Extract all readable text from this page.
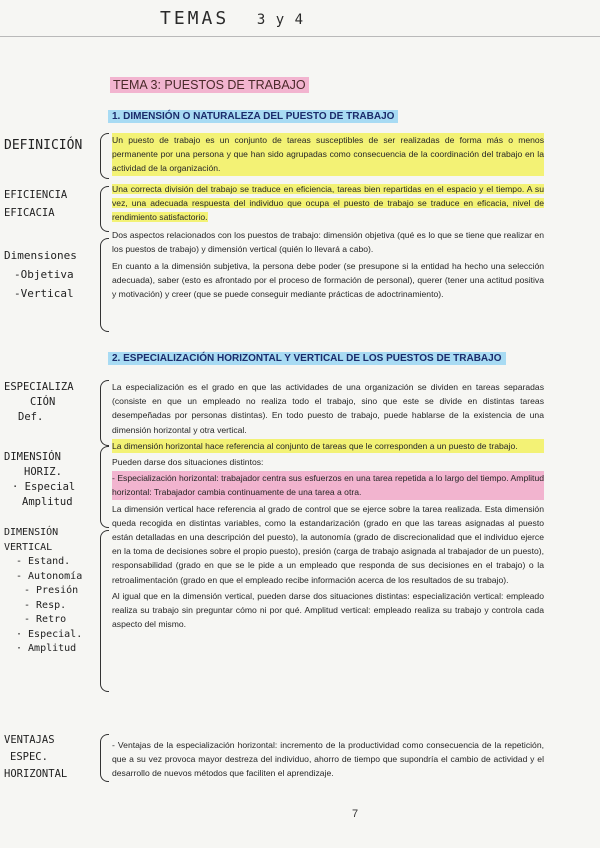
TEMAS 3 y 4
TEMA 3: PUESTOS DE TRABAJO
1. DIMENSIÓN O NATURALEZA DEL PUESTO DE TRABAJO

Un puesto de trabajo es un conjunto de tareas susceptibles de ser realizadas de forma más o menos permanente por una persona y que han sido agrupadas como consecuencia de la coordinación del trabajo en la actividad de la organización.

Una correcta división del trabajo se traduce en eficiencia, tareas bien repartidas en el espacio y el tiempo. A su vez, una adecuada respuesta del individuo que ocupa el puesto de trabajo se traduce en eficacia, nivel de rendimiento satisfactorio.

Dos aspectos relacionados con los puestos de trabajo: dimensión objetiva (qué es lo que se tiene que realizar en los puestos de trabajo) y dimensión vertical (quién lo llevará a cabo).

En cuanto a la dimensión subjetiva, la persona debe poder (se presupone si la entidad ha hecho una selección adecuada), saber (esto es afrontado por el proceso de formación de personal), querer (tener una actitud positiva y motivación) y creer (que se puede conseguir mediante prácticas de adoctrinamiento).

2. ESPECIALIZACIÓN HORIZONTAL Y VERTICAL DE LOS PUESTOS DE TRABAJO

La especialización es el grado en que las actividades de una organización se dividen en tareas separadas (consiste en que un empleado no realiza todo el trabajo, sino que este se divide en distintas tareas desempeñadas por personas distintas). En todo puesto de trabajo, puede hablarse de la existencia de una dimensión horizontal y otra vertical.

La dimensión horizontal hace referencia al conjunto de tareas que le corresponden a un puesto de trabajo.

Pueden darse dos situaciones distintos:

- Especialización horizontal: trabajador centra sus esfuerzos en una tarea repetida a lo largo del tiempo. Amplitud horizontal: Trabajador cambia continuamente de una tarea a otra.

La dimensión vertical hace referencia al grado de control que se ejerce sobre la tarea realizada. Esta dimensión queda recogida en distintas variables, como la estandarización (grado en que las tareas asignadas al puesto están detalladas en una descripción del puesto), la autonomía (grado de discrecionalidad que el individuo ejerce en la toma de decisiones sobre el propio puesto), presión (carga de trabajo asignada al trabajador de un puesto), responsabilidad (grado en que se le pide a un empleado que responda de sus decisiones en el trabajo) o la retroalimentación (grado en que el empleado recibe información acerca de los resultados de su trabajo).

Al igual que en la dimensión vertical, pueden darse dos situaciones distintas: especialización vertical: empleado realiza su trabajo sin preguntar cómo ni por qué. Amplitud vertical: empleado realiza su trabajo y controla cada aspecto del mismo.

- Ventajas de la especialización horizontal: incremento de la productividad como consecuencia de la repetición, que a su vez provoca mayor destreza del individuo, ahorro de tiempo que supondría el cambio de actividad y el desarrollo de nuevos métodos que faciliten el aprendizaje.

DEFINICIÓN
EFICIENCIA
EFICACIA
Dimensiones
-Objetiva
-Vertical
ESPECIALIZA
CIÓN
Def.
DIMENSIÓN
HORIZ.
· Especial
Amplitud
DIMENSIÓN
VERTICAL
- Estand.
- Autonomía
- Presión
- Resp.
- Retro
· Especial.
· Amplitud
VENTAJAS
ESPEC.
HORIZONTAL
7
